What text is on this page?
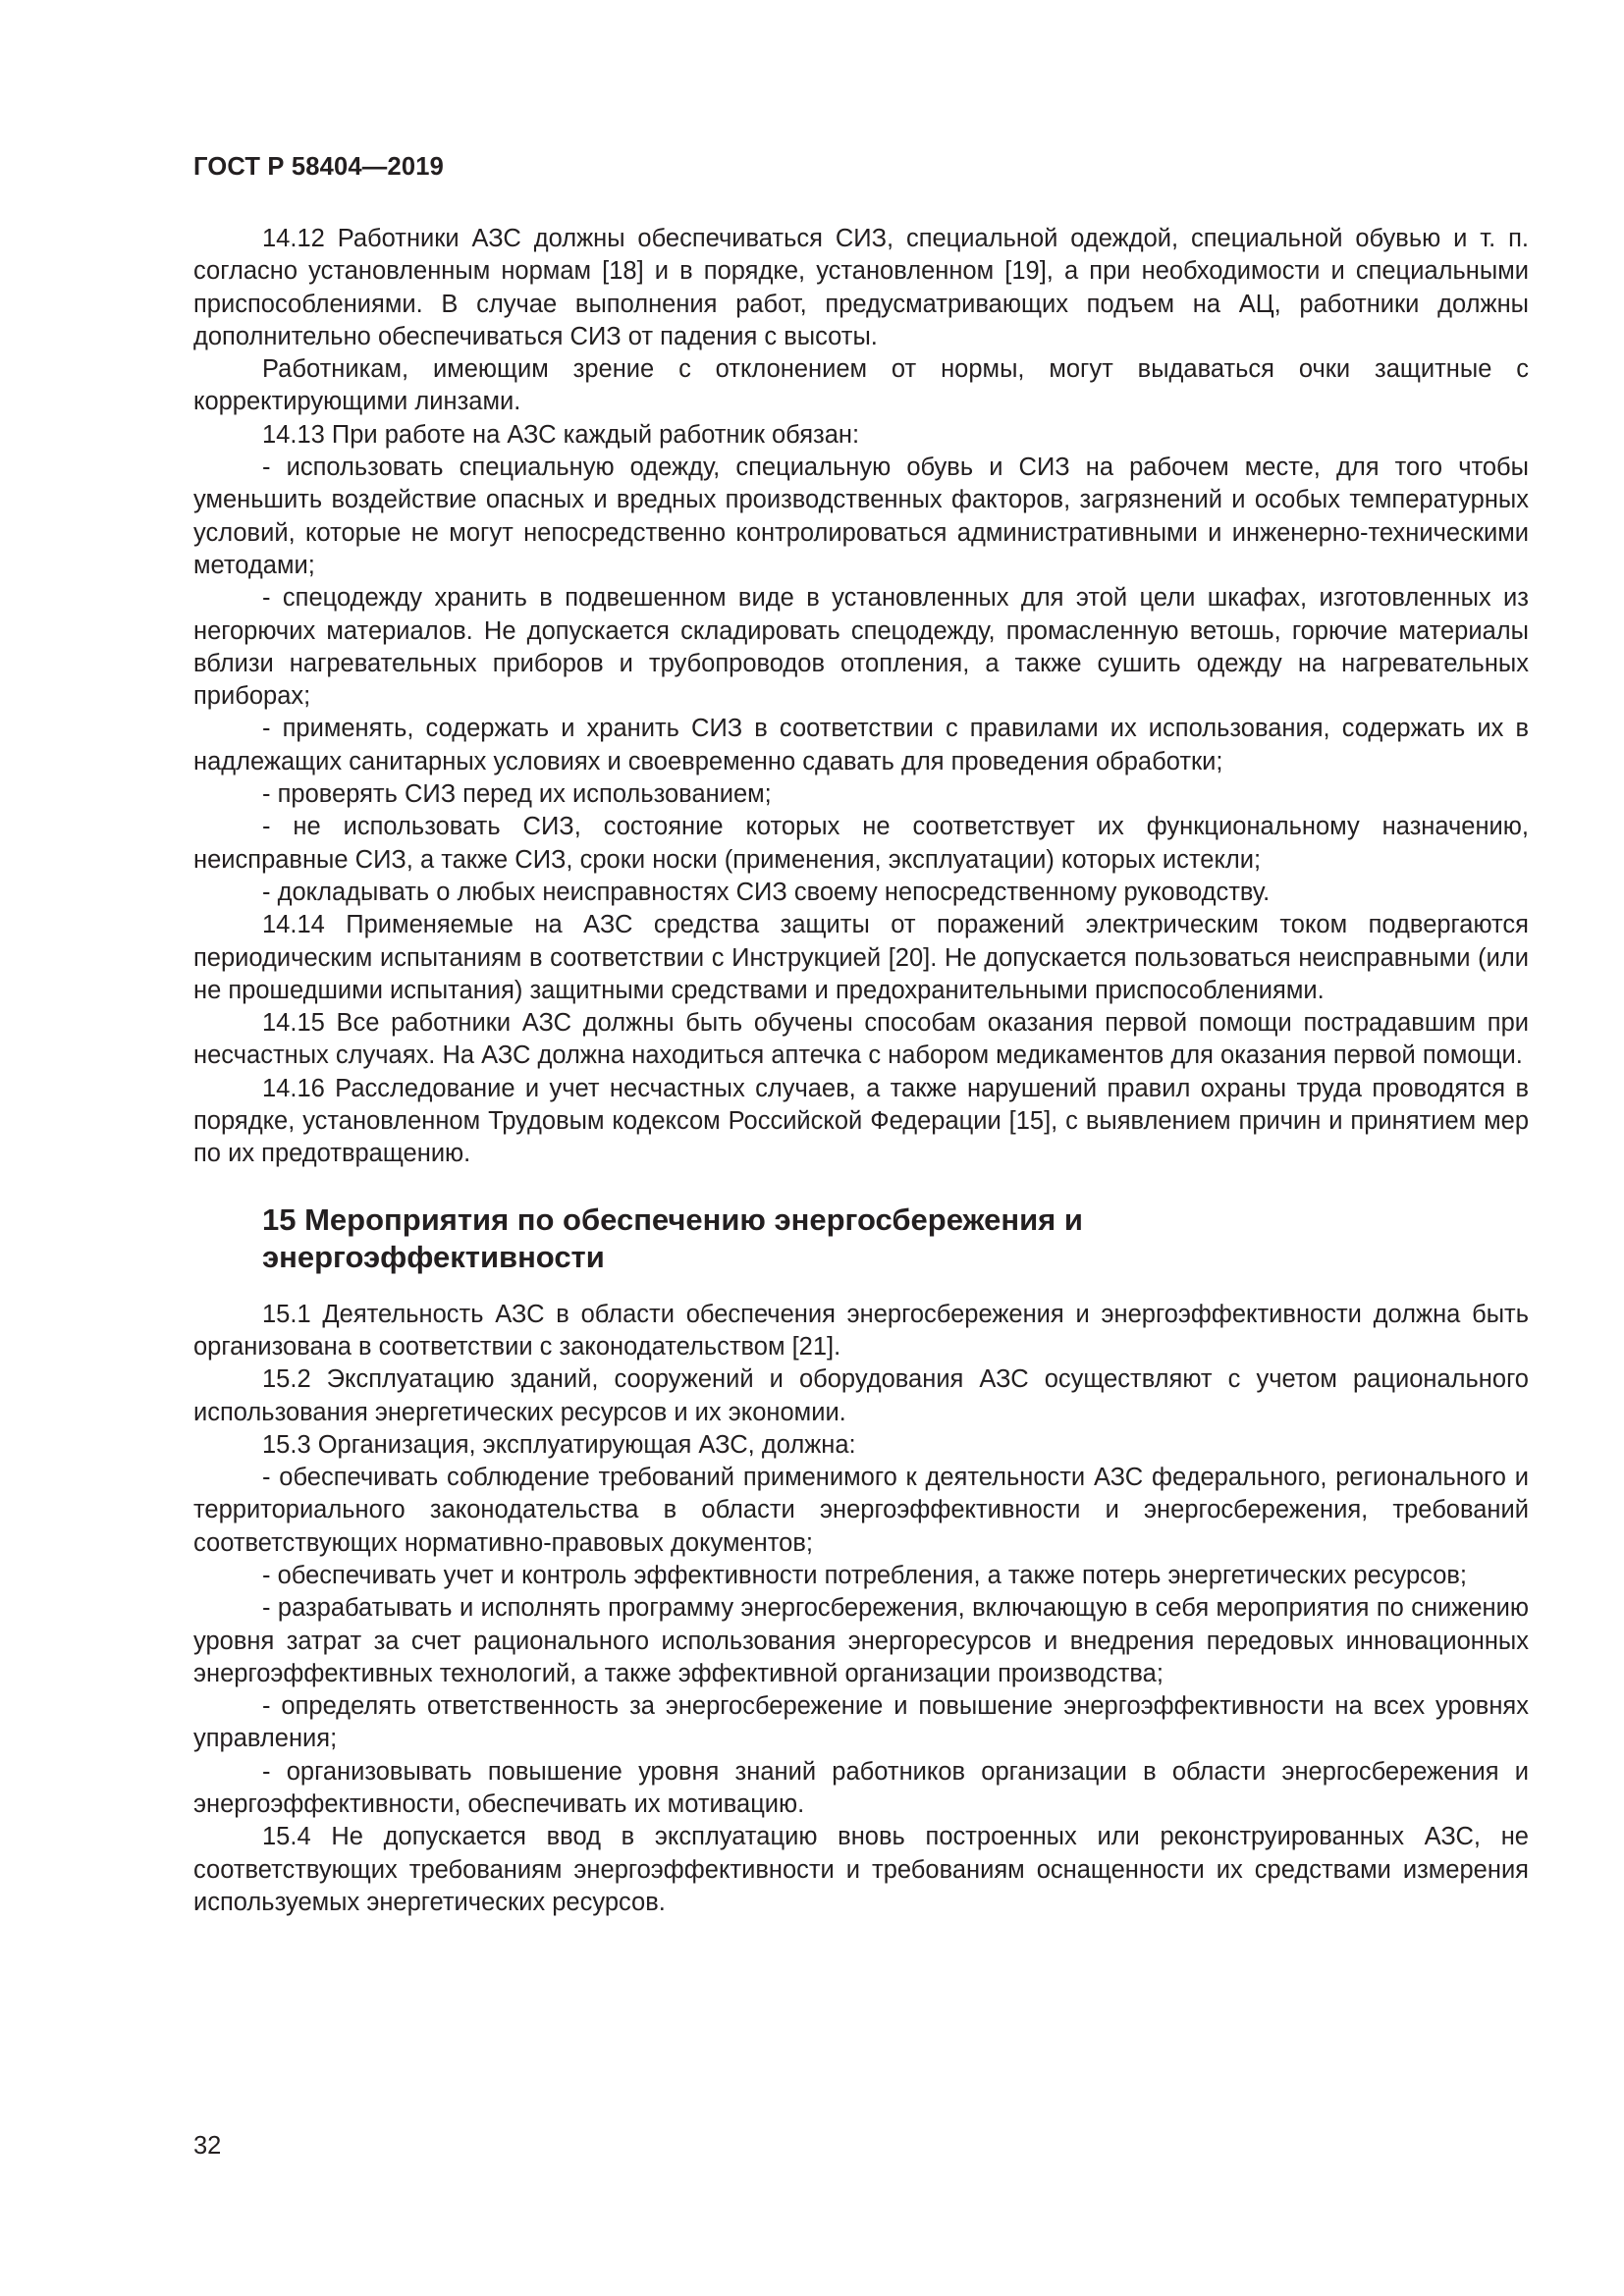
ГОСТ Р 58404—2019

14.12 Работники АЗС должны обеспечиваться СИЗ, специальной одеждой, специальной обувью и т. п. согласно установленным нормам [18] и в порядке, установленном [19], а при необходимости и специальными приспособлениями. В случае выполнения работ, предусматривающих подъем на АЦ, работники должны дополнительно обеспечиваться СИЗ от падения с высоты.

Работникам, имеющим зрение с отклонением от нормы, могут выдаваться очки защитные с корректирующими линзами.

14.13 При работе на АЗС каждый работник обязан:

- использовать специальную одежду, специальную обувь и СИЗ на рабочем месте, для того чтобы уменьшить воздействие опасных и вредных производственных факторов, загрязнений и особых температурных условий, которые не могут непосредственно контролироваться административными и инженерно-техническими методами;

- спецодежду хранить в подвешенном виде в установленных для этой цели шкафах, изготовленных из негорючих материалов. Не допускается складировать спецодежду, промасленную ветошь, горючие материалы вблизи нагревательных приборов и трубопроводов отопления, а также сушить одежду на нагревательных приборах;

- применять, содержать и хранить СИЗ в соответствии с правилами их использования, содержать их в надлежащих санитарных условиях и своевременно сдавать для проведения обработки;

- проверять СИЗ перед их использованием;

- не использовать СИЗ, состояние которых не соответствует их функциональному назначению, неисправные СИЗ, а также СИЗ, сроки носки (применения, эксплуатации) которых истекли;

- докладывать о любых неисправностях СИЗ своему непосредственному руководству.

14.14 Применяемые на АЗС средства защиты от поражений электрическим током подвергаются периодическим испытаниям в соответствии с Инструкцией [20]. Не допускается пользоваться неисправными (или не прошедшими испытания) защитными средствами и предохранительными приспособлениями.

14.15 Все работники АЗС должны быть обучены способам оказания первой помощи пострадавшим при несчастных случаях. На АЗС должна находиться аптечка с набором медикаментов для оказания первой помощи.

14.16 Расследование и учет несчастных случаев, а также нарушений правил охраны труда проводятся в порядке, установленном Трудовым кодексом Российской Федерации [15], с выявлением причин и принятием мер по их предотвращению.

15 Мероприятия по обеспечению энергосбережения и
энергоэффективности

15.1 Деятельность АЗС в области обеспечения энергосбережения и энергоэффективности должна быть организована в соответствии с законодательством [21].

15.2 Эксплуатацию зданий, сооружений и оборудования АЗС осуществляют с учетом рационального использования энергетических ресурсов и их экономии.

15.3 Организация, эксплуатирующая АЗС, должна:

- обеспечивать соблюдение требований применимого к деятельности АЗС федерального, регионального и территориального законодательства в области энергоэффективности и энергосбережения, требований соответствующих нормативно-правовых документов;

- обеспечивать учет и контроль эффективности потребления, а также потерь энергетических ресурсов;

- разрабатывать и исполнять программу энергосбережения, включающую в себя мероприятия по снижению уровня затрат за счет рационального использования энергоресурсов и внедрения передовых инновационных энергоэффективных технологий, а также эффективной организации производства;

- определять ответственность за энергосбережение и повышение энергоэффективности на всех уровнях управления;

- организовывать повышение уровня знаний работников организации в области энергосбережения и энергоэффективности, обеспечивать их мотивацию.

15.4 Не допускается ввод в эксплуатацию вновь построенных или реконструированных АЗС, не соответствующих требованиям энергоэффективности и требованиям оснащенности их средствами измерения используемых энергетических ресурсов.

32
